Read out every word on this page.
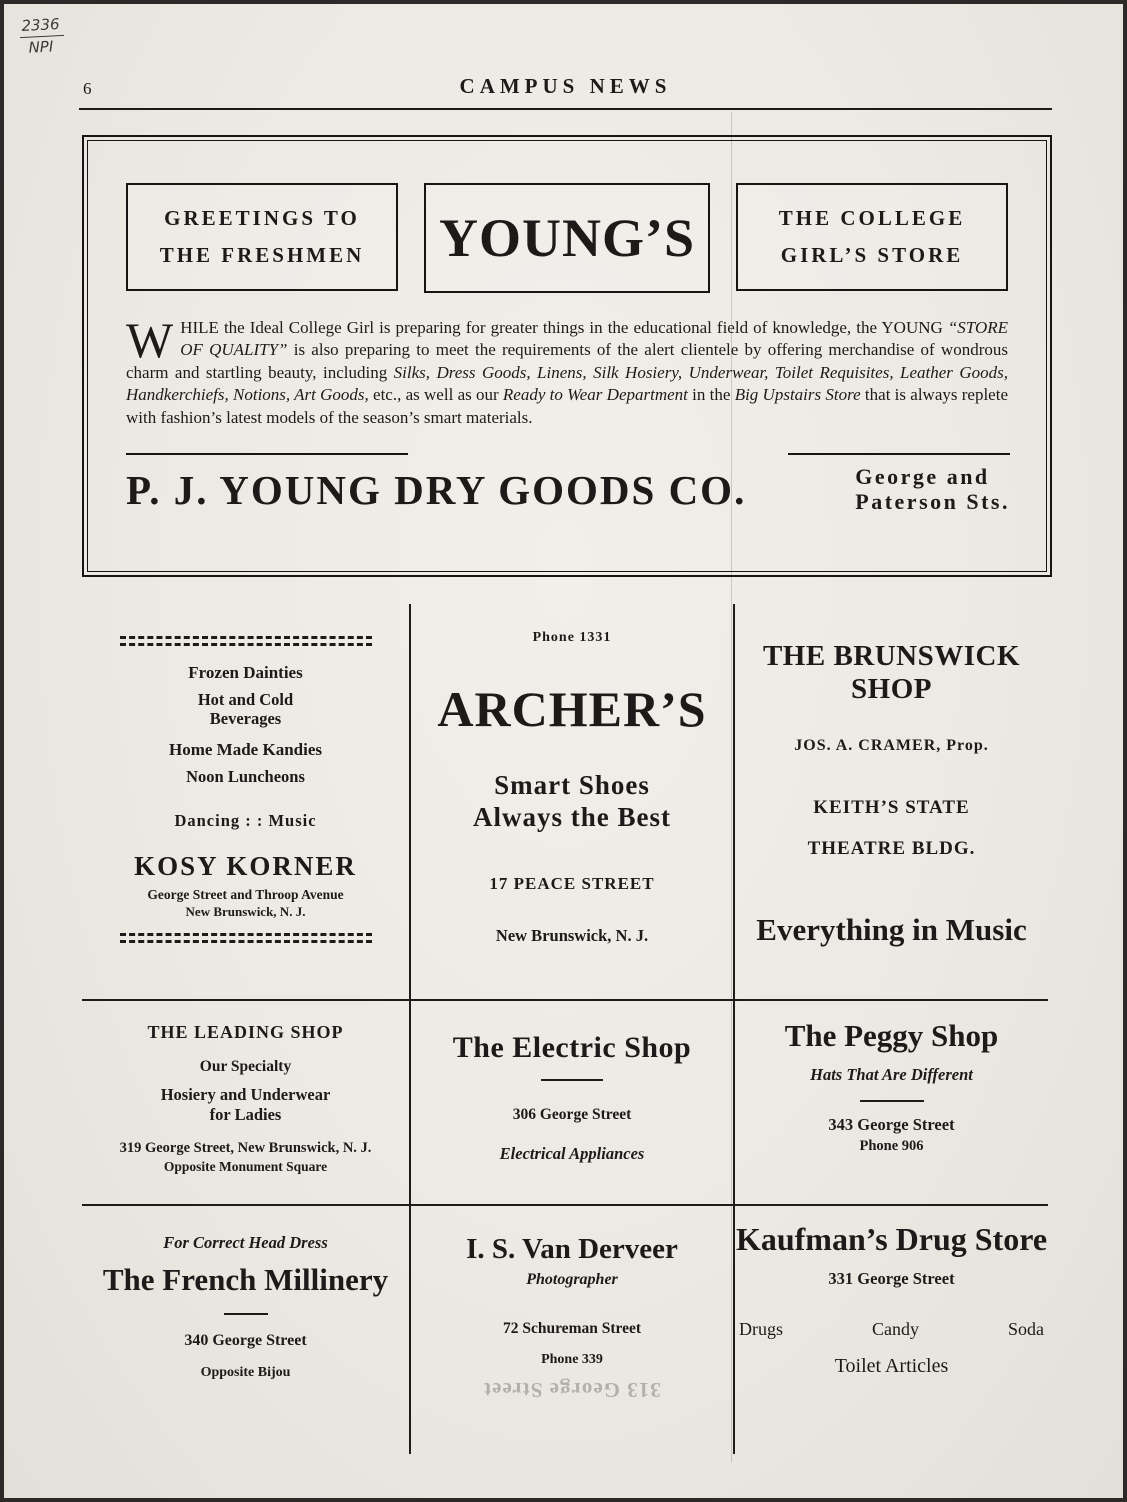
2336
NPI
6	CAMPUS NEWS
GREETINGS TO
THE FRESHMEN YOUNG’S	THE COLLEGE
GIRL’S STORE

WHILE the Ideal College Girl is preparing for greater things in the educational field of knowledge, the YOUNG “STORE OF QUALITY” is also preparing to meet the requirements of the alert clientele by offering merchandise of wondrous charm and startling beauty, including Silks, Dress Goods, Linens, Silk Hosiery, Underwear, Toilet Requisites, Leather Goods, Handkerchiefs, Notions, Art Goods, etc., as well as our Ready to Wear Department in the Big Upstairs Store that is always replete with fashion’s latest models of the season’s smart materials.

P. J. YOUNG DRY GOODS CO.	George and
Paterson Sts.
Frozen Dainties
Hot and Cold
Beverages
Home Made Kandies
Noon Luncheons
Dancing : : Music
KOSY KORNER
George Street and Throop Avenue
New Brunswick, N. J.
Phone 1331
ARCHER’S
Smart Shoes
Always the Best
17 PEACE STREET
New Brunswick, N. J.
THE BRUNSWICK SHOP
JOS. A. CRAMER, Prop.
KEITH’S STATE
THEATRE BLDG.
Everything in Music
THE LEADING SHOP
Our Specialty
Hosiery and Underwear
for Ladies
319 George Street, New Brunswick, N. J.
Opposite Monument Square
The Electric Shop
306 George Street
Electrical Appliances
The Peggy Shop
Hats That Are Different
343 George Street
Phone 906
For Correct Head Dress
The French Millinery
340 George Street
Opposite Bijou
I. S. Van Derveer
Photographer
72 Schureman Street
Phone 339
313 George Street
Kaufman’s Drug Store
331 George Street
Drugs	Candy	Soda
Toilet Articles
